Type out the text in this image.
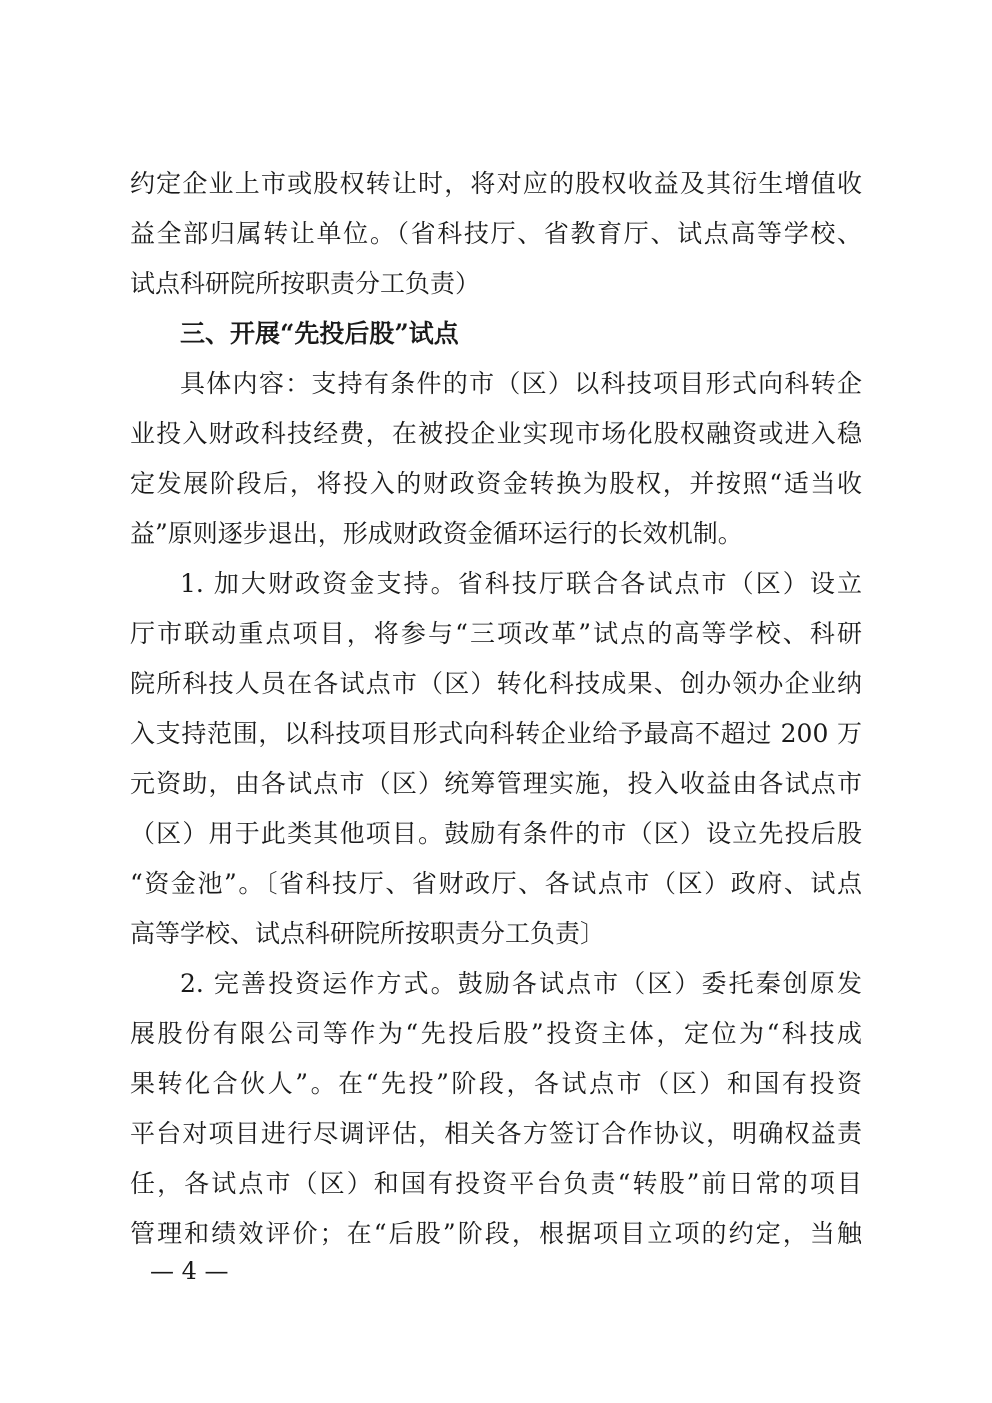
约定企业上市或股权转让时，将对应的股权收益及其衍生增值收
益全部归属转让单位。（省科技厅、省教育厅、试点高等学校、
试点科研院所按职责分工负责）
三、开展“先投后股”试点
具体内容：支持有条件的市（区）以科技项目形式向科转企
业投入财政科技经费，在被投企业实现市场化股权融资或进入稳
定发展阶段后，将投入的财政资金转换为股权，并按照“适当收
益”原则逐步退出，形成财政资金循环运行的长效机制。
1. 加大财政资金支持。省科技厅联合各试点市（区）设立
厅市联动重点项目，将参与“三项改革”试点的高等学校、科研
院所科技人员在各试点市（区）转化科技成果、创办领办企业纳
入支持范围，以科技项目形式向科转企业给予最高不超过 200 万
元资助，由各试点市（区）统筹管理实施，投入收益由各试点市
（区）用于此类其他项目。鼓励有条件的市（区）设立先投后股
“资金池”。〔省科技厅、省财政厅、各试点市（区）政府、试点
高等学校、试点科研院所按职责分工负责〕
2. 完善投资运作方式。鼓励各试点市（区）委托秦创原发
展股份有限公司等作为“先投后股”投资主体，定位为“科技成
果转化合伙人”。在“先投”阶段，各试点市（区）和国有投资
平台对项目进行尽调评估，相关各方签订合作协议，明确权益责
任，各试点市（区）和国有投资平台负责“转股”前日常的项目
管理和绩效评价；在“后股”阶段，根据项目立项的约定，当触
— 4 —
